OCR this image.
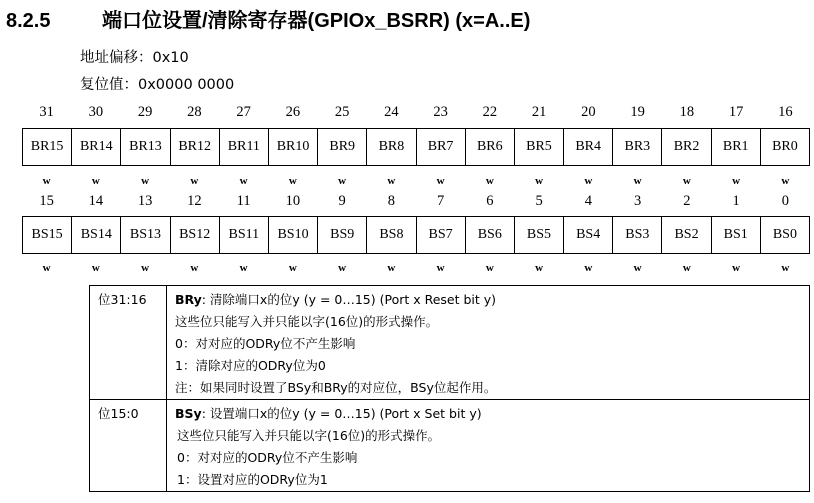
8.2.5	端口位设置/清除寄存器(GPIOx_BSRR) (x=A..E)
地址偏移：0x10
复位值：0x0000 0000
31	30	29	28	27	26	25	24	23	22	21	20	19	18	17	16
BR15	BR14	BR13	BR12	BR11	BR10	BR9	BR8	BR7	BR6	BR5	BR4	BR3	BR2	BR1	BR0
w	w	w	w	w	w	w	w	w	w	w	w	w	w	w	w
15	14	13	12	11	10	9	8	7	6	5	4	3	2	1	0
BS15	BS14	BS13	BS12	BS11	BS10	BS9	BS8	BS7	BS6	BS5	BS4	BS3	BS2	BS1	BS0
w	w	w	w	w	w	w	w	w	w	w	w	w	w	w	w
位31:16	BRy: 清除端口x的位y (y = 0…15) (Port x Reset bit y)
这些位只能写入并只能以字(16位)的形式操作。
0：对对应的ODRy位不产生影响
1：清除对应的ODRy位为0
注：如果同时设置了BSy和BRy的对应位，BSy位起作用。
位15:0	BSy: 设置端口x的位y (y = 0…15) (Port x Set bit y)
这些位只能写入并只能以字(16位)的形式操作。
0：对对应的ODRy位不产生影响
1：设置对应的ODRy位为1
